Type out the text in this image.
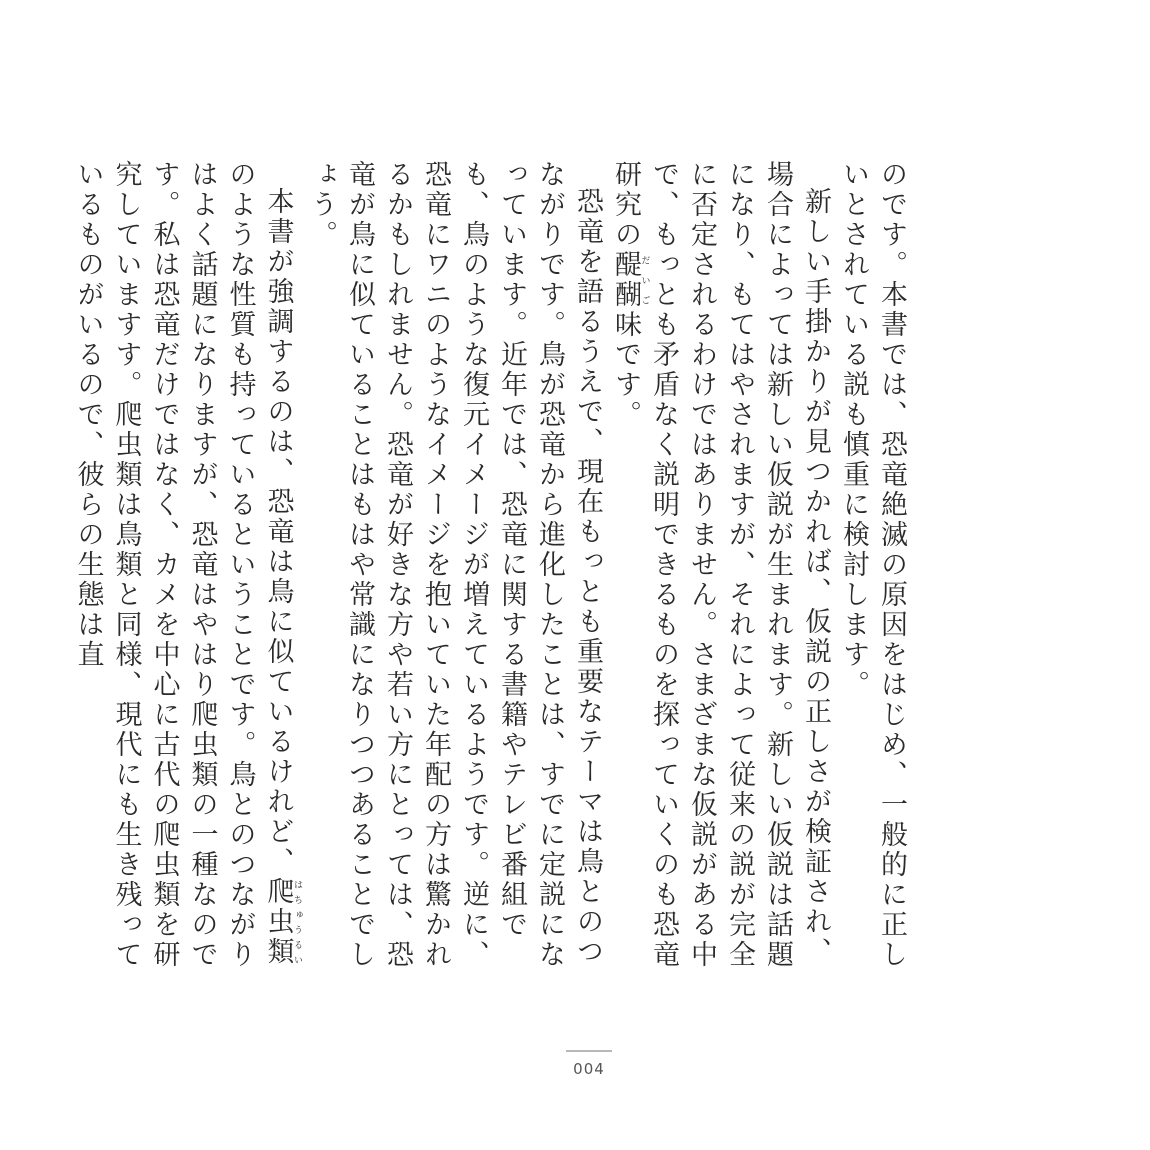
のです。本書では、恐竜絶滅の原因をはじめ、一般的に正しいとされている説も慎重に検討します。

新しい手掛かりが見つかれば、仮説の正しさが検証され、場合によっては新しい仮説が生まれます。新しい仮説は話題になり、もてはやされますが、それによって従来の説が完全に否定されるわけではありません。さまざまな仮説がある中で、もっとも矛盾なく説明できるものを探っていくのも恐竜研究の醍醐だいご味です。

恐竜を語るうえで、現在もっとも重要なテーマは鳥とのつながりです。鳥が恐竜から進化したことは、すでに定説になっています。近年では、恐竜に関する書籍やテレビ番組でも、鳥のような復元イメージが増えているようです。逆に、恐竜にワニのようなイメージを抱いていた年配の方は驚かれるかもしれません。恐竜が好きな方や若い方にとっては、恐竜が鳥に似ていることはもはや常識になりつつあることでしょう。

本書が強調するのは、恐竜は鳥に似ているけれど、爬虫類はちゅうるいのような性質も持っているということです。鳥とのつながりはよく話題になりますが、恐竜はやはり爬虫類の一種なのです。私は恐竜だけではなく、カメを中心に古代の爬虫類を研究していますす。爬虫類は鳥類と同様、現代にも生き残っているものがいるので、彼らの生態は直

004
